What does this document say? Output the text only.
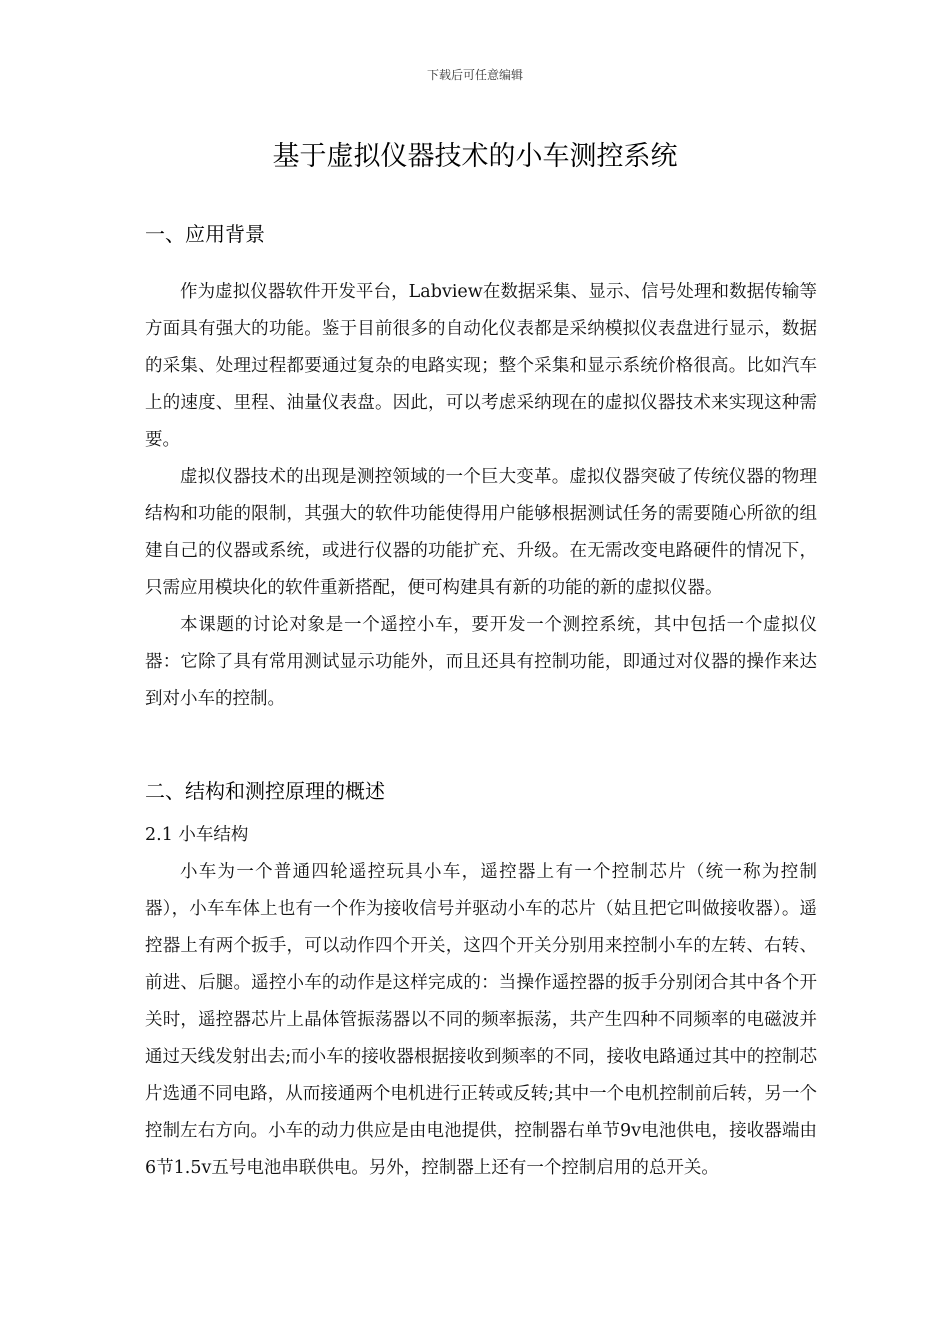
下载后可任意编辑
基于虚拟仪器技术的小车测控系统
一、应用背景

作为虚拟仪器软件开发平台，Labview在数据采集、显示、信号处理和数据传输等方面具有强大的功能。鉴于目前很多的自动化仪表都是采纳模拟仪表盘进行显示，数据的采集、处理过程都要通过复杂的电路实现；整个采集和显示系统价格很高。比如汽车上的速度、里程、油量仪表盘。因此，可以考虑采纳现在的虚拟仪器技术来实现这种需要。

虚拟仪器技术的出现是测控领域的一个巨大变革。虚拟仪器突破了传统仪器的物理结构和功能的限制，其强大的软件功能使得用户能够根据测试任务的需要随心所欲的组建自己的仪器或系统，或进行仪器的功能扩充、升级。在无需改变电路硬件的情况下，只需应用模块化的软件重新搭配，便可构建具有新的功能的新的虚拟仪器。

本课题的讨论对象是一个遥控小车，要开发一个测控系统，其中包括一个虚拟仪器：它除了具有常用测试显示功能外，而且还具有控制功能，即通过对仪器的操作来达到对小车的控制。

二、结构和测控原理的概述
2.1 小车结构

小车为一个普通四轮遥控玩具小车，遥控器上有一个控制芯片（统一称为控制器），小车车体上也有一个作为接收信号并驱动小车的芯片（姑且把它叫做接收器）。遥控器上有两个扳手，可以动作四个开关，这四个开关分别用来控制小车的左转、右转、前进、后腿。遥控小车的动作是这样完成的：当操作遥控器的扳手分别闭合其中各个开关时，遥控器芯片上晶体管振荡器以不同的频率振荡，共产生四种不同频率的电磁波并通过天线发射出去;而小车的接收器根据接收到频率的不同，接收电路通过其中的控制芯片选通不同电路，从而接通两个电机进行正转或反转;其中一个电机控制前后转，另一个控制左右方向。小车的动力供应是由电池提供，控制器右单节9v电池供电，接收器端由6节1.5v五号电池串联供电。另外，控制器上还有一个控制启用的总开关。
